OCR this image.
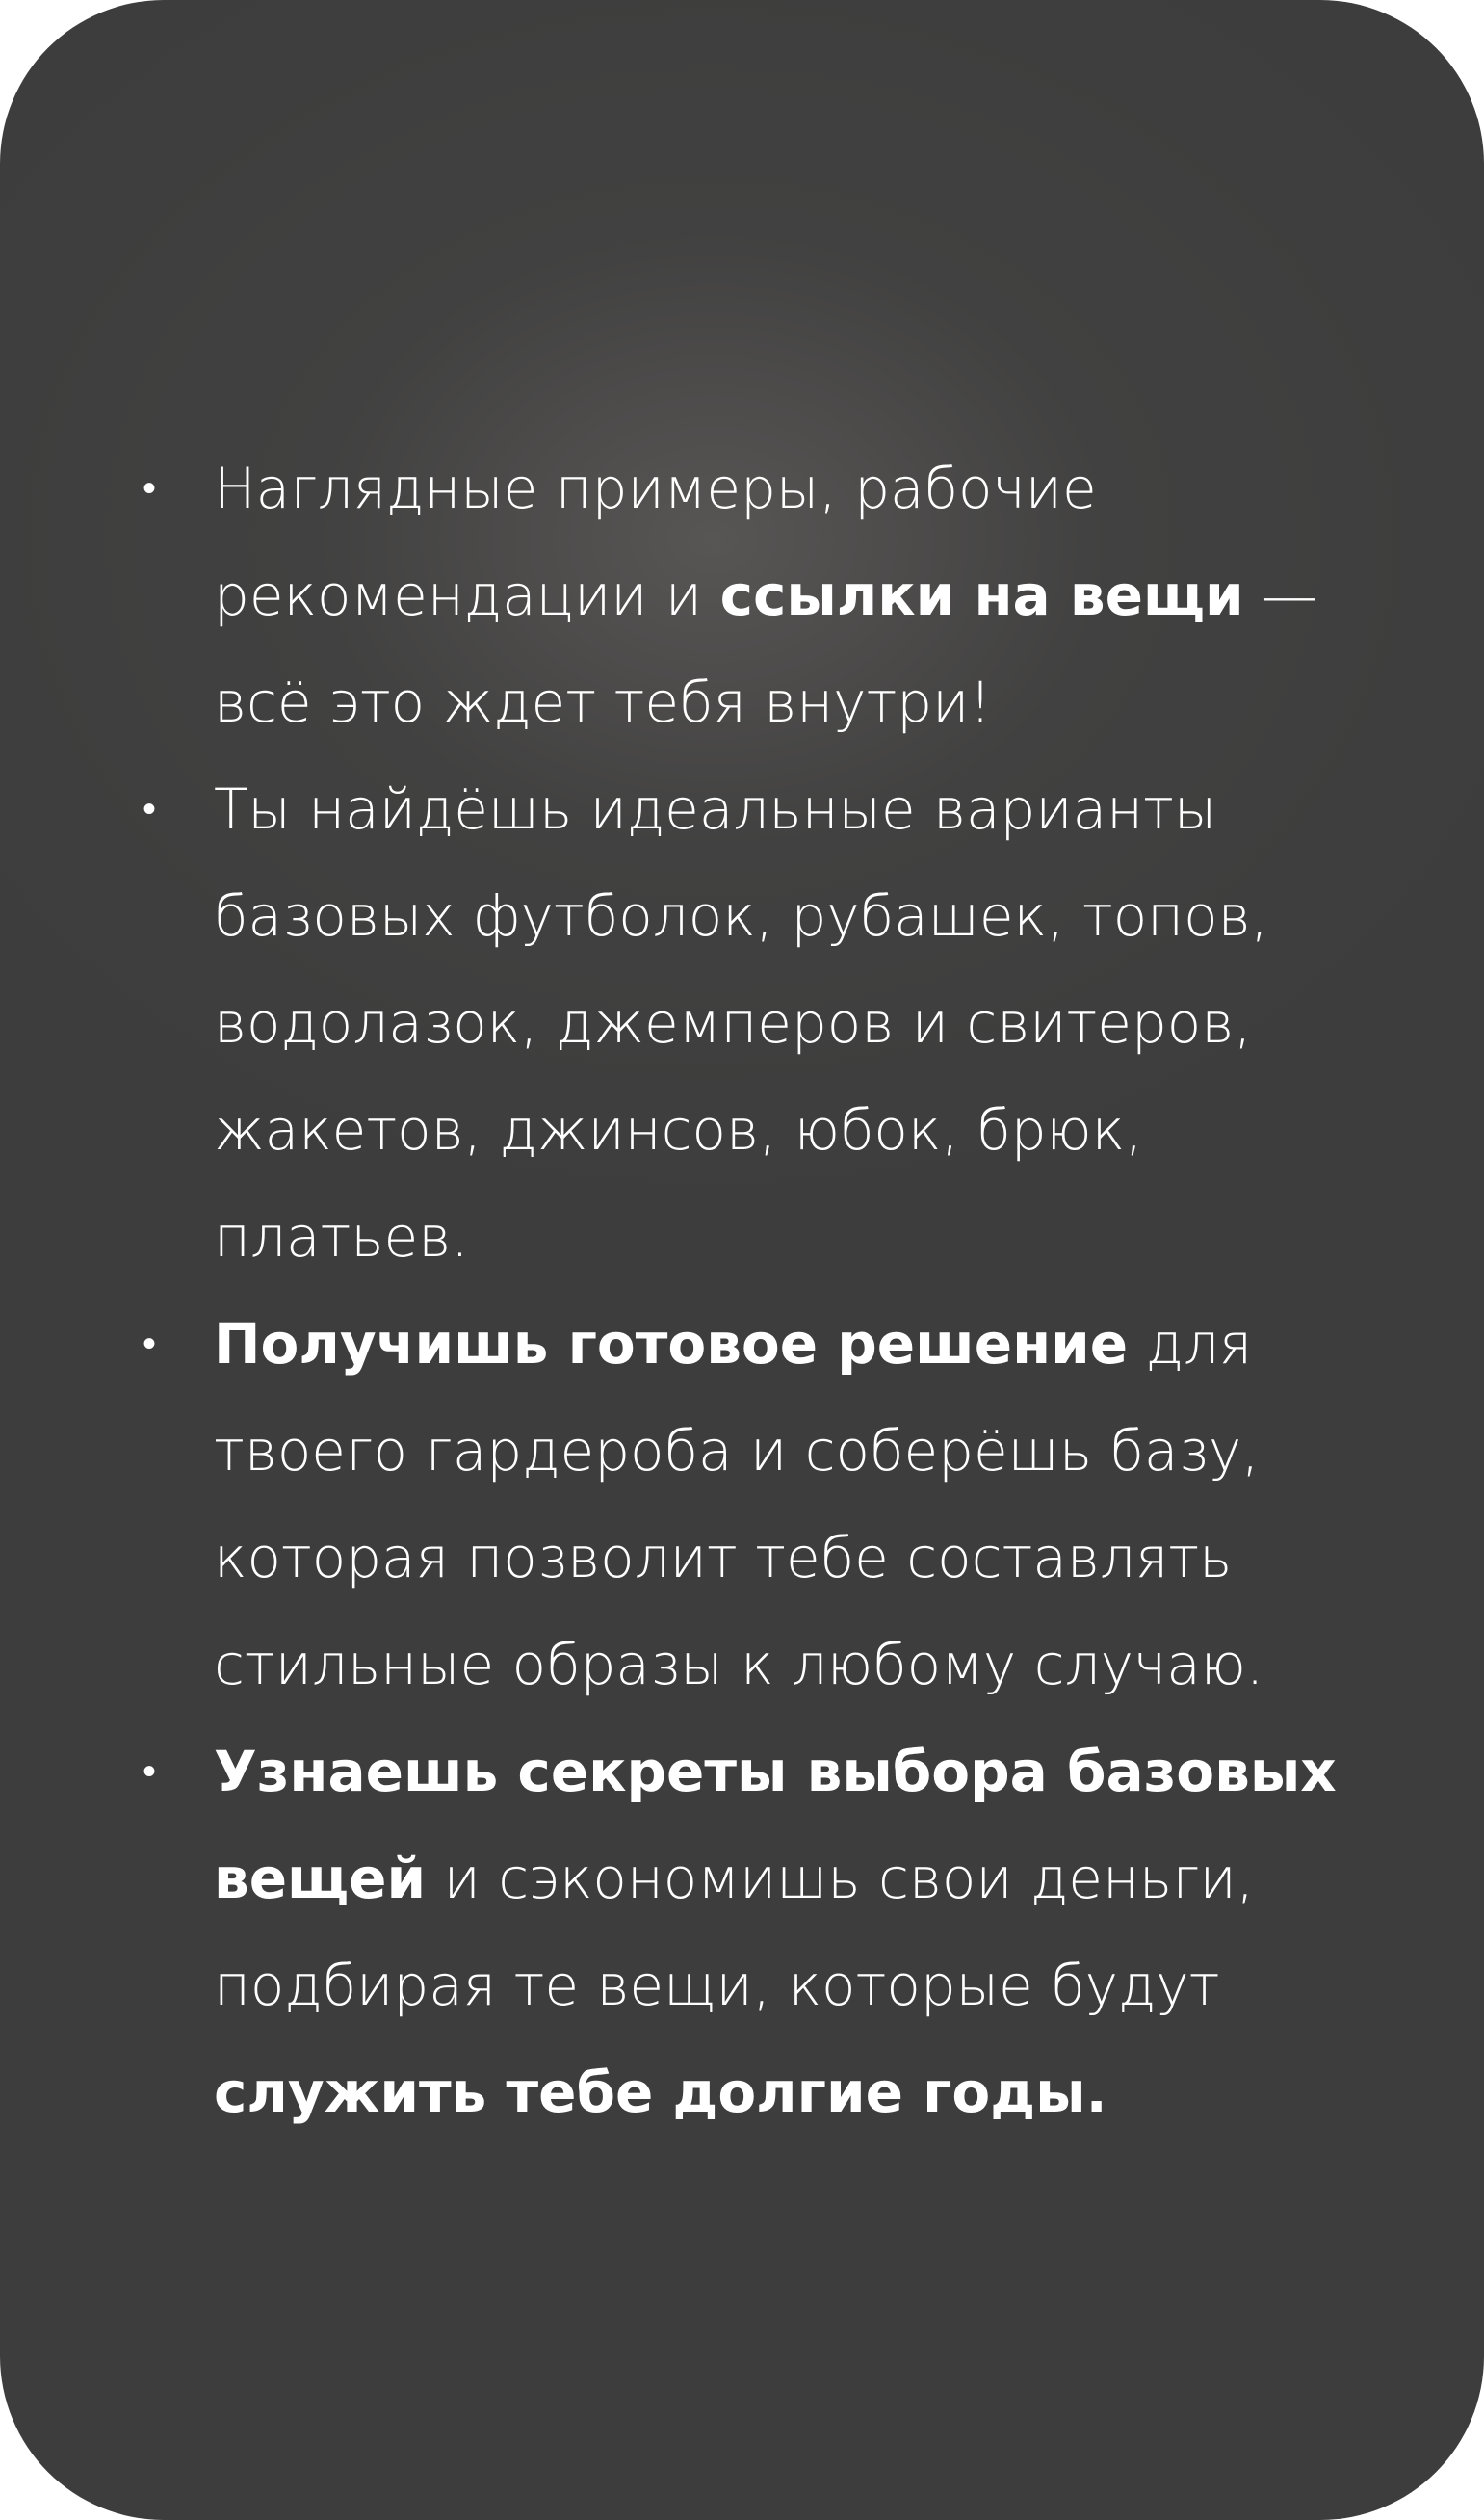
• Наглядные примеры, рабочие рекомендации и ссылки на вещи — всё это ждет тебя внутри!
• Ты найдёшь идеальные варианты базовых футболок, рубашек, топов, водолазок, джемперов и свитеров, жакетов, джинсов, юбок, брюк, платьев.
• Получишь готовое решение для твоего гардероба и соберёшь базу, которая позволит тебе составлять стильные образы к любому случаю.
• Узнаешь секреты выбора базовых вещей и сэкономишь свои деньги, подбирая те вещи, которые будут служить тебе долгие годы.
